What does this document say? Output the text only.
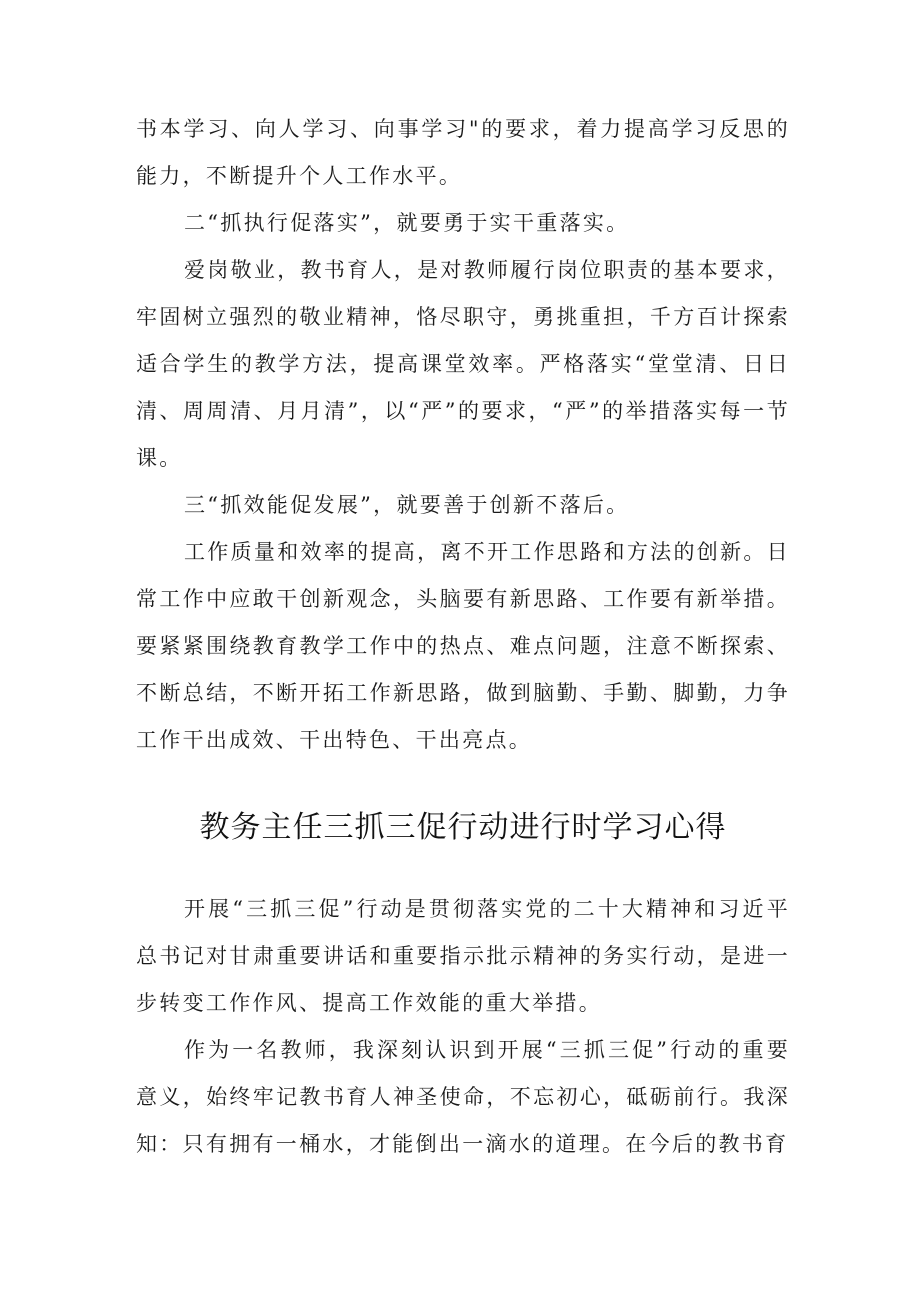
书本学习、向人学习、向事学习"的要求，着力提高学习反思的能力，不断提升个人工作水平。

二“抓执行促落实”，就要勇于实干重落实。

爱岗敬业，教书育人，是对教师履行岗位职责的基本要求，牢固树立强烈的敬业精神，恪尽职守，勇挑重担，千方百计探索适合学生的教学方法，提高课堂效率。严格落实“堂堂清、日日清、周周清、月月清”，以“严”的要求，“严”的举措落实每一节课。

三“抓效能促发展”，就要善于创新不落后。

工作质量和效率的提高，离不开工作思路和方法的创新。日常工作中应敢干创新观念，头脑要有新思路、工作要有新举措。要紧紧围绕教育教学工作中的热点、难点问题，注意不断探索、不断总结，不断开拓工作新思路，做到脑勤、手勤、脚勤，力争工作干出成效、干出特色、干出亮点。

教务主任三抓三促行动进行时学习心得

开展“三抓三促”行动是贯彻落实党的二十大精神和习近平总书记对甘肃重要讲话和重要指示批示精神的务实行动，是进一步转变工作作风、提高工作效能的重大举措。

作为一名教师，我深刻认识到开展“三抓三促”行动的重要意义，始终牢记教书育人神圣使命，不忘初心，砥砺前行。我深知：只有拥有一桶水，才能倒出一滴水的道理。在今后的教书育
